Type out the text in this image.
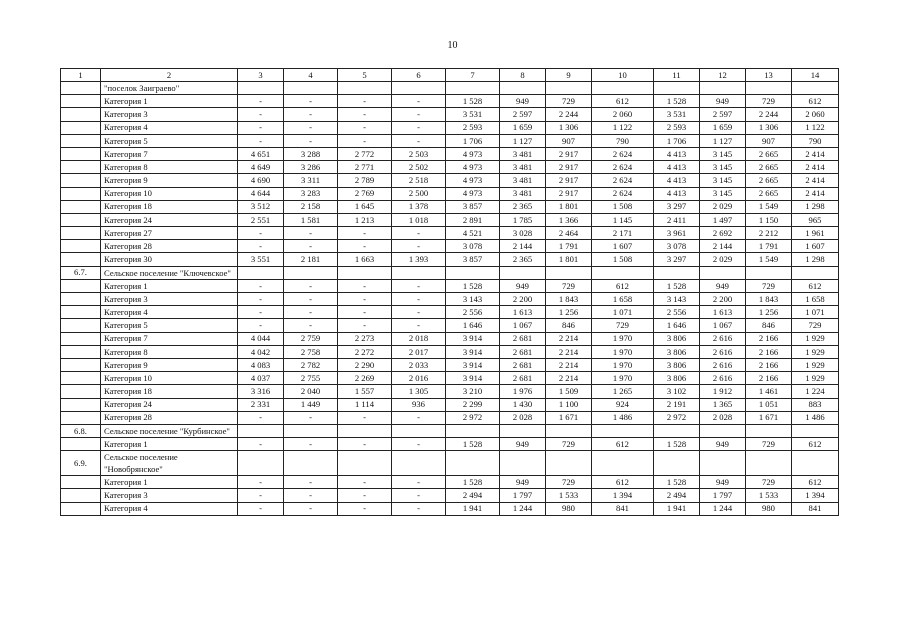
10
1	2	3	4	5	6	7	8	9	10	11	12	13	14
	"поселок Заиграево"												
	Категория 1	-	-	-	-	1 528	949	729	612	1 528	949	729	612
	Категория 3	-	-	-	-	3 531	2 597	2 244	2 060	3 531	2 597	2 244	2 060
	Категория 4	-	-	-	-	2 593	1 659	1 306	1 122	2 593	1 659	1 306	1 122
	Категория 5	-	-	-	-	1 706	1 127	907	790	1 706	1 127	907	790
	Категория 7	4 651	3 288	2 772	2 503	4 973	3 481	2 917	2 624	4 413	3 145	2 665	2 414
	Категория 8	4 649	3 286	2 771	2 502	4 973	3 481	2 917	2 624	4 413	3 145	2 665	2 414
	Категория 9	4 690	3 311	2 789	2 518	4 973	3 481	2 917	2 624	4 413	3 145	2 665	2 414
	Категория 10	4 644	3 283	2 769	2 500	4 973	3 481	2 917	2 624	4 413	3 145	2 665	2 414
	Категория 18	3 512	2 158	1 645	1 378	3 857	2 365	1 801	1 508	3 297	2 029	1 549	1 298
	Категория 24	2 551	1 581	1 213	1 018	2 891	1 785	1 366	1 145	2 411	1 497	1 150	965
	Категория 27	-	-	-	-	4 521	3 028	2 464	2 171	3 961	2 692	2 212	1 961
	Категория 28	-	-	-	-	3 078	2 144	1 791	1 607	3 078	2 144	1 791	1 607
	Категория 30	3 551	2 181	1 663	1 393	3 857	2 365	1 801	1 508	3 297	2 029	1 549	1 298
6.7.	Сельское поселение "Ключевское"												
	Категория 1	-	-	-	-	1 528	949	729	612	1 528	949	729	612
	Категория 3	-	-	-	-	3 143	2 200	1 843	1 658	3 143	2 200	1 843	1 658
	Категория 4	-	-	-	-	2 556	1 613	1 256	1 071	2 556	1 613	1 256	1 071
	Категория 5	-	-	-	-	1 646	1 067	846	729	1 646	1 067	846	729
	Категория 7	4 044	2 759	2 273	2 018	3 914	2 681	2 214	1 970	3 806	2 616	2 166	1 929
	Категория 8	4 042	2 758	2 272	2 017	3 914	2 681	2 214	1 970	3 806	2 616	2 166	1 929
	Категория 9	4 083	2 782	2 290	2 033	3 914	2 681	2 214	1 970	3 806	2 616	2 166	1 929
	Категория 10	4 037	2 755	2 269	2 016	3 914	2 681	2 214	1 970	3 806	2 616	2 166	1 929
	Категория 18	3 316	2 040	1 557	1 305	3 210	1 976	1 509	1 265	3 102	1 912	1 461	1 224
	Категория 24	2 331	1 449	1 114	936	2 299	1 430	1 100	924	2 191	1 365	1 051	883
	Категория 28	-	-	-	-	2 972	2 028	1 671	1 486	2 972	2 028	1 671	1 486
6.8.	Сельское поселение "Курбинское"												
	Категория 1	-	-	-	-	1 528	949	729	612	1 528	949	729	612
6.9.	Сельское поселение "Новобрянское"												
	Категория 1	-	-	-	-	1 528	949	729	612	1 528	949	729	612
	Категория 3	-	-	-	-	2 494	1 797	1 533	1 394	2 494	1 797	1 533	1 394
	Категория 4	-	-	-	-	1 941	1 244	980	841	1 941	1 244	980	841
